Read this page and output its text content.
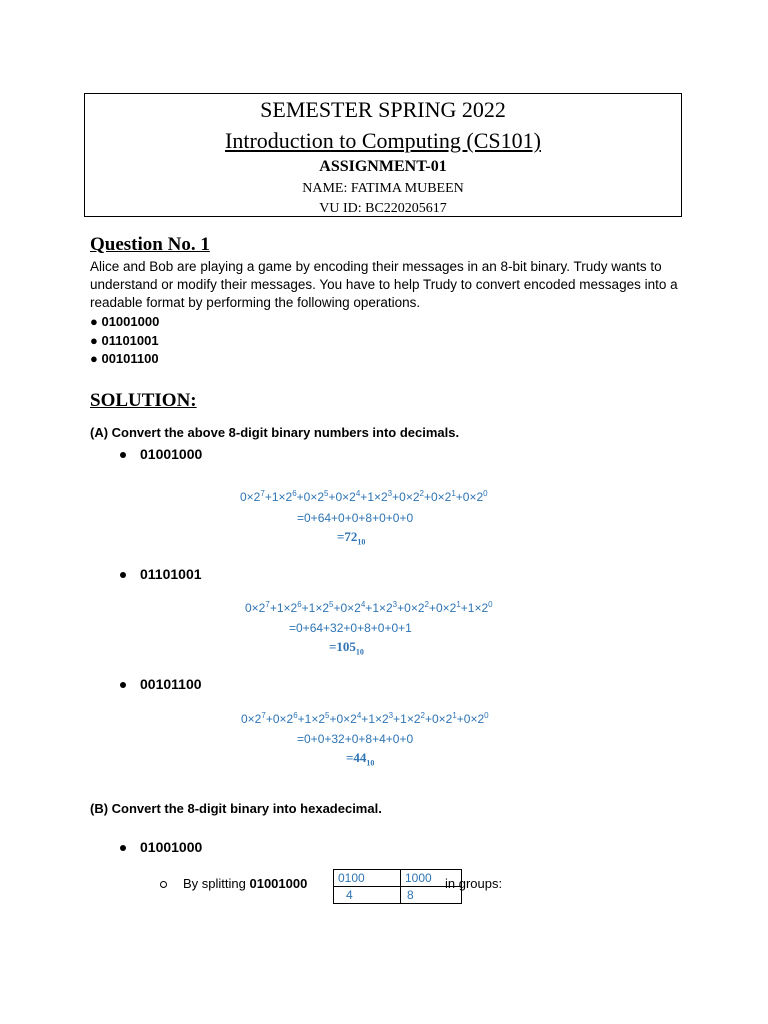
SEMESTER SPRING 2022
Introduction to Computing (CS101)
ASSIGNMENT-01
NAME: FATIMA MUBEEN
VU ID: BC220205617
Question No. 1
Alice and Bob are playing a game by encoding their messages in an 8-bit binary. Trudy wants to understand or modify their messages. You have to help Trudy to convert encoded messages into a readable format by performing the following operations.
● 01001000
● 01101001
● 00101100
SOLUTION:
(A) Convert the above 8-digit binary numbers into decimals.
01001000
$0\times 2^7+1\times 2^6+0\times 2^5+0\times 2^4+1\times 2^3+0\times 2^2+0\times 2^1+0\times 2^0$
=0+64+0+0+8+0+0+0
$=72_{10}$
01101001
$0\times 2^7+1\times 2^6+1\times 2^5+0\times 2^4+1\times 2^3+0\times 2^2+0\times 2^1+1\times 2^0$
=0+64+32+0+8+0+0+1
$=105_{10}$
00101100
$0\times 2^7+0\times 2^6+1\times 2^5+0\times 2^4+1\times 2^3+1\times 2^2+0\times 2^1+0\times 2^0$
=0+0+32+0+8+4+0+0
$=44_{10}$
(B) Convert the 8-digit binary into hexadecimal.
01001000
By splitting 01001000	0100	1000
4	8
in groups:
